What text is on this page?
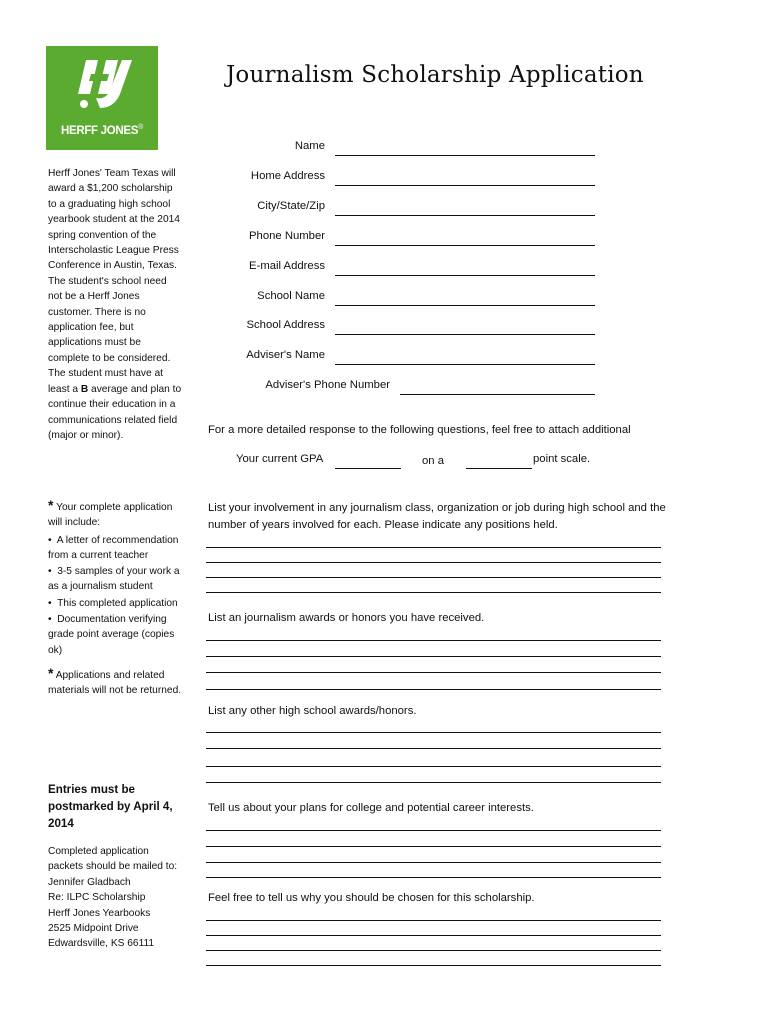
HERFF JONES®
Journalism Scholarship Application
Herff Jones' Team Texas will award a $1,200 scholarship to a graduating high school yearbook student at the 2014 spring convention of the Interscholastic League Press Conference in Austin, Texas. The student's school need not be a Herff Jones customer. There is no application fee, but applications must be complete to be considered. The student must have at least a B average and plan to continue their education in a communications related field (major or minor).

* Your complete application will include:

• A letter of recommendation from a current teacher

• 3-5 samples of your work a as a journalism student

• This completed application

• Documentation verifying grade point average (copies ok)

* Applications and related materials will not be returned.

Entries must be postmarked by April 4, 2014

Completed application packets should be mailed to:

Jennifer Gladbach

Re: ILPC Scholarship

Herff Jones Yearbooks

2525 Midpoint Drive

Edwardsville, KS 66111

Name
Home Address
City/State/Zip
Phone Number
E-mail Address
School Name
School Address
Adviser's Name
Adviser's Phone Number
For a more detailed response to the following questions, feel free to attach additional
Your current GPA	on a	point scale.
List your involvement in any journalism class, organization or job during high school and the number of years involved for each. Please indicate any positions held.
List an journalism awards or honors you have received.
List any other high school awards/honors.
Tell us about your plans for college and potential career interests.
Feel free to tell us why you should be chosen for this scholarship.
